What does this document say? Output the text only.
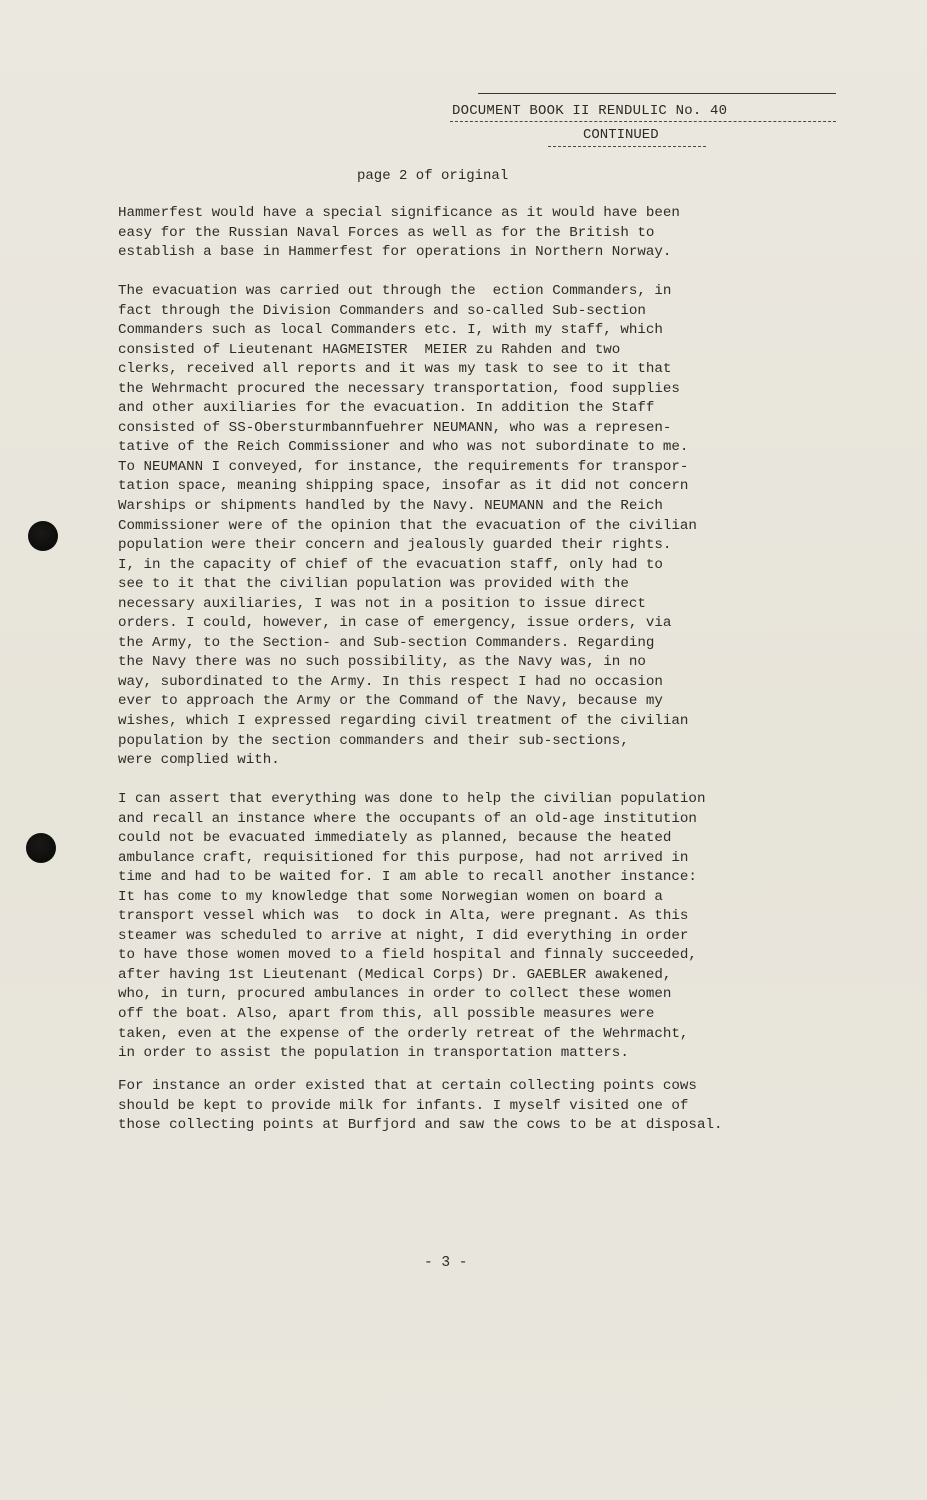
DOCUMENT BOOK II RENDULIC No. 40
CONTINUED
page 2 of original

Hammerfest would have a special significance as it would have been
easy for the Russian Naval Forces as well as for the British to
establish a base in Hammerfest for operations in Northern Norway.

The evacuation was carried out through the  ection Commanders, in
fact through the Division Commanders and so-called Sub-section
Commanders such as local Commanders etc. I, with my staff, which
consisted of Lieutenant HAGMEISTER  MEIER zu Rahden and two
clerks, received all reports and it was my task to see to it that
the Wehrmacht procured the necessary transportation, food supplies
and other auxiliaries for the evacuation. In addition the Staff
consisted of SS-Obersturmbannfuehrer NEUMANN, who was a represen-
tative of the Reich Commissioner and who was not subordinate to me.
To NEUMANN I conveyed, for instance, the requirements for transpor-
tation space, meaning shipping space, insofar as it did not concern
Warships or shipments handled by the Navy. NEUMANN and the Reich
Commissioner were of the opinion that the evacuation of the civilian
population were their concern and jealously guarded their rights.
I, in the capacity of chief of the evacuation staff, only had to
see to it that the civilian population was provided with the
necessary auxiliaries, I was not in a position to issue direct
orders. I could, however, in case of emergency, issue orders, via
the Army, to the Section- and Sub-section Commanders. Regarding
the Navy there was no such possibility, as the Navy was, in no
way, subordinated to the Army. In this respect I had no occasion
ever to approach the Army or the Command of the Navy, because my
wishes, which I expressed regarding civil treatment of the civilian
population by the section commanders and their sub-sections,
were complied with.

I can assert that everything was done to help the civilian population
and recall an instance where the occupants of an old-age institution
could not be evacuated immediately as planned, because the heated
ambulance craft, requisitioned for this purpose, had not arrived in
time and had to be waited for. I am able to recall another instance:
It has come to my knowledge that some Norwegian women on board a
transport vessel which was  to dock in Alta, were pregnant. As this
steamer was scheduled to arrive at night, I did everything in order
to have those women moved to a field hospital and finnaly succeeded,
after having 1st Lieutenant (Medical Corps) Dr. GAEBLER awakened,
who, in turn, procured ambulances in order to collect these women
off the boat. Also, apart from this, all possible measures were
taken, even at the expense of the orderly retreat of the Wehrmacht,
in order to assist the population in transportation matters.

For instance an order existed that at certain collecting points cows
should be kept to provide milk for infants. I myself visited one of
those collecting points at Burfjord and saw the cows to be at disposal.

- 3 -
